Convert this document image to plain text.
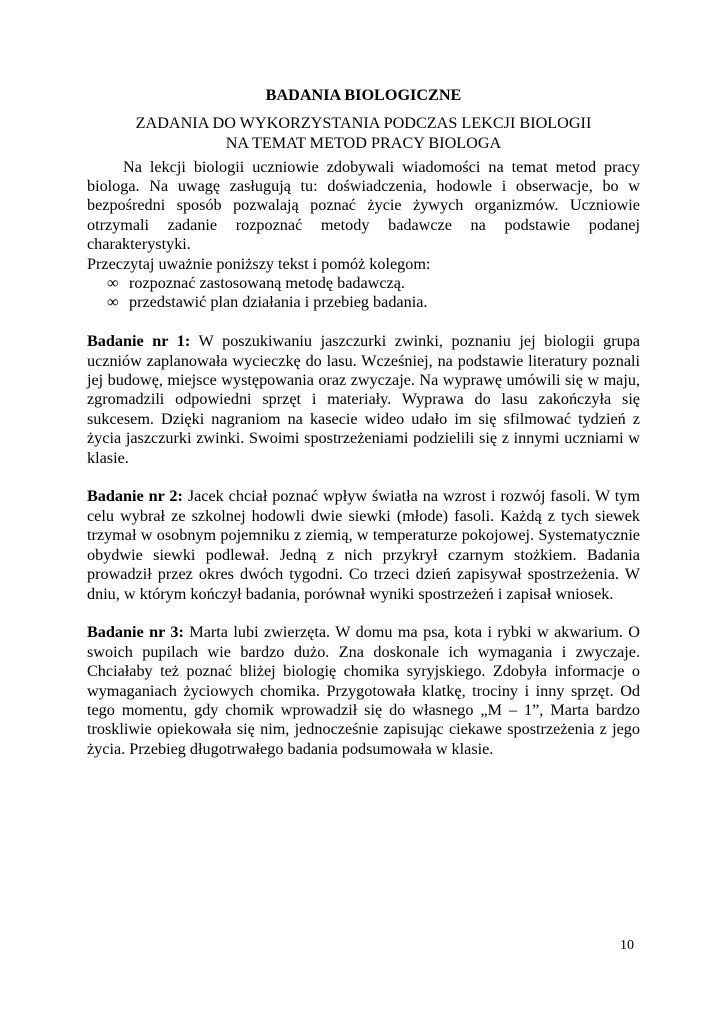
BADANIA BIOLOGICZNE
ZADANIA DO WYKORZYSTANIA PODCZAS LEKCJI BIOLOGII
NA TEMAT METOD PRACY BIOLOGA

Na lekcji biologii uczniowie zdobywali wiadomości na temat metod pracy biologa. Na uwagę zasługują tu: doświadczenia, hodowle i obserwacje, bo w bezpośredni sposób pozwalają poznać życie żywych organizmów. Uczniowie otrzymali zadanie rozpoznać metody badawcze na podstawie podanej charakterystyki.

Przeczytaj uważnie poniższy tekst i pomóż kolegom:

∞ rozpoznać zastosowaną metodę badawczą.
∞ przedstawić plan działania i przebieg badania.

Badanie nr 1: W poszukiwaniu jaszczurki zwinki, poznaniu jej biologii grupa uczniów zaplanowała wycieczkę do lasu. Wcześniej, na podstawie literatury poznali jej budowę, miejsce występowania oraz zwyczaje. Na wyprawę umówili się w maju, zgromadzili odpowiedni sprzęt i materiały. Wyprawa do lasu zakończyła się sukcesem. Dzięki nagraniom na kasecie wideo udało im się sfilmować tydzień z życia jaszczurki zwinki. Swoimi spostrzeżeniami podzielili się z innymi uczniami w klasie.

Badanie nr 2: Jacek chciał poznać wpływ światła na wzrost i rozwój fasoli. W tym celu wybrał ze szkolnej hodowli dwie siewki (młode) fasoli. Każdą z tych siewek trzymał w osobnym pojemniku z ziemią, w temperaturze pokojowej. Systematycznie obydwie siewki podlewał. Jedną z nich przykrył czarnym stożkiem. Badania prowadził przez okres dwóch tygodni. Co trzeci dzień zapisywał spostrzeżenia. W dniu, w którym kończył badania, porównał wyniki spostrzeżeń i zapisał wniosek.

Badanie nr 3: Marta lubi zwierzęta. W domu ma psa, kota i rybki w akwarium. O swoich pupilach wie bardzo dużo. Zna doskonale ich wymagania i zwyczaje. Chciałaby też poznać bliżej biologię chomika syryjskiego. Zdobyła informacje o wymaganiach życiowych chomika. Przygotowała klatkę, trociny i inny sprzęt. Od tego momentu, gdy chomik wprowadził się do własnego „M – 1”, Marta bardzo troskliwie opiekowała się nim, jednocześnie zapisując ciekawe spostrzeżenia z jego życia. Przebieg długotrwałego badania podsumowała w klasie.

10
